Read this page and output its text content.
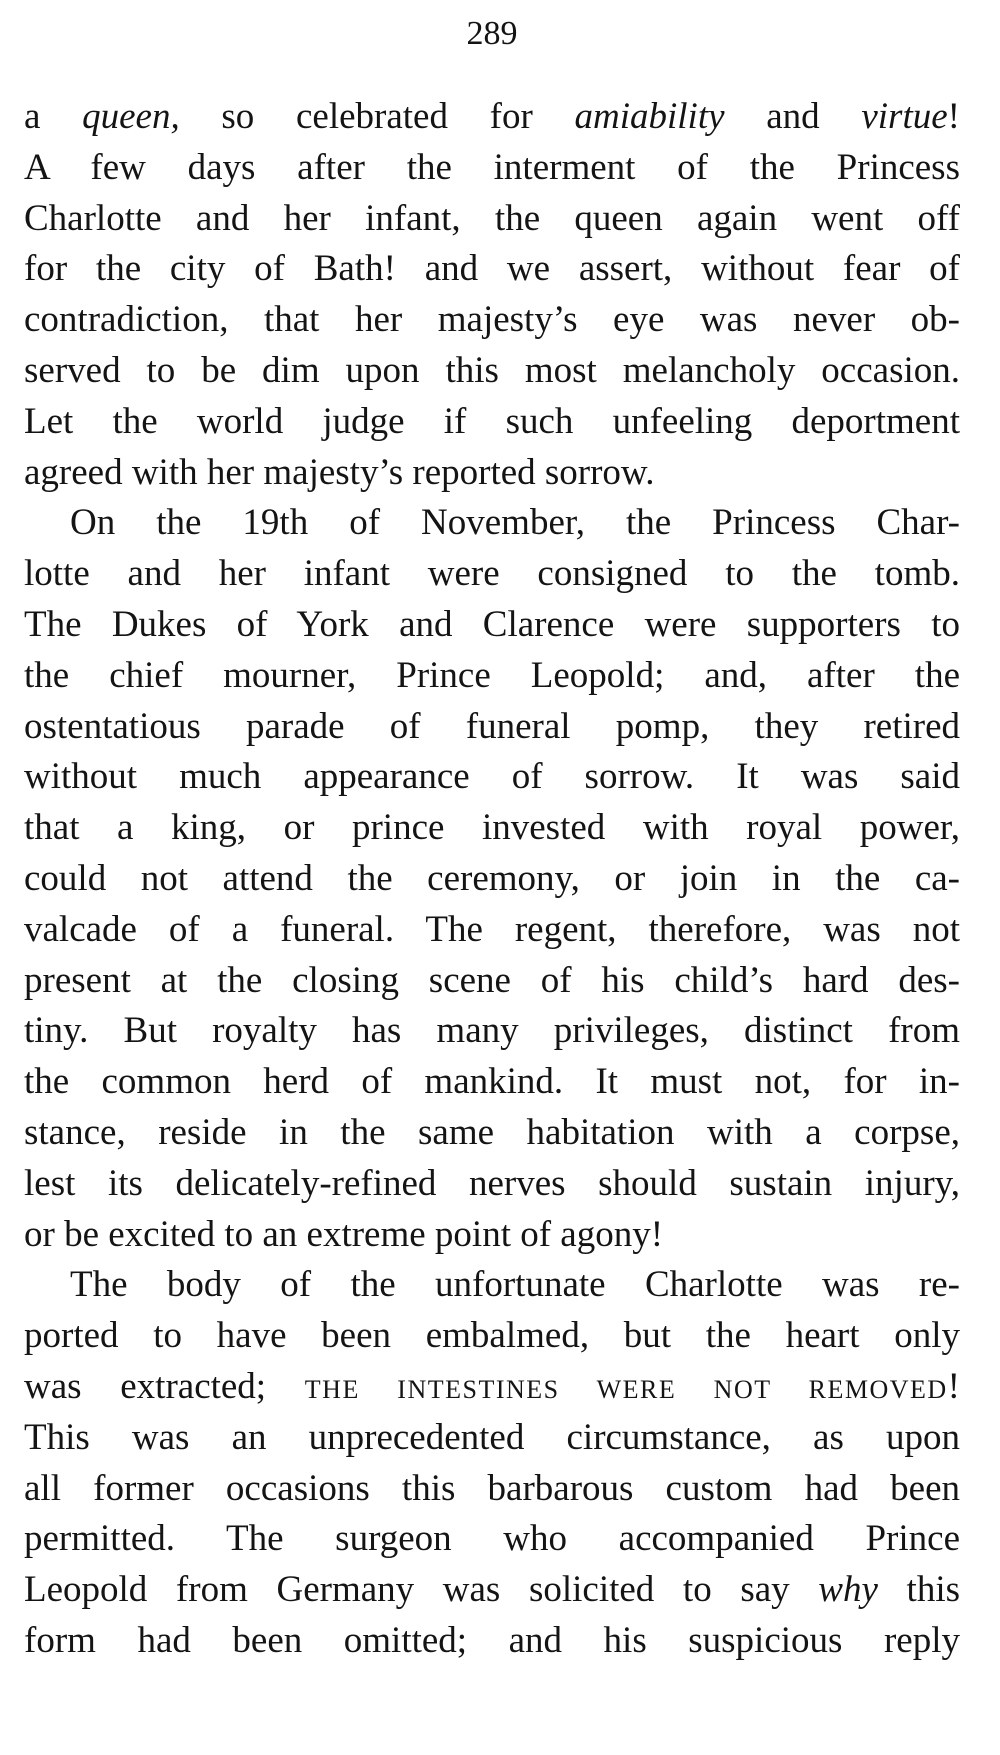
289
a queen, so celebrated for amiability and virtue!
A few days after the interment of the Princess
Charlotte and her infant, the queen again went off
for the city of Bath! and we assert, without fear of
contradiction, that her majesty’s eye was never ob-
served to be dim upon this most melancholy occasion.
Let the world judge if such unfeeling deportment
agreed with her majesty’s reported sorrow.
On the 19th of November, the Princess Char-
lotte and her infant were consigned to the tomb.
The Dukes of York and Clarence were supporters to
the chief mourner, Prince Leopold; and, after the
ostentatious parade of funeral pomp, they retired
without much appearance of sorrow. It was said
that a king, or prince invested with royal power,
could not attend the ceremony, or join in the ca-
valcade of a funeral. The regent, therefore, was not
present at the closing scene of his child’s hard des-
tiny. But royalty has many privileges, distinct from
the common herd of mankind. It must not, for in-
stance, reside in the same habitation with a corpse,
lest its delicately-refined nerves should sustain injury,
or be excited to an extreme point of agony!
The body of the unfortunate Charlotte was re-
ported to have been embalmed, but the heart only
was extracted; THE INTESTINES WERE NOT REMOVED!
This was an unprecedented circumstance, as upon
all former occasions this barbarous custom had been
permitted. The surgeon who accompanied Prince
Leopold from Germany was solicited to say why this
form had been omitted; and his suspicious reply
